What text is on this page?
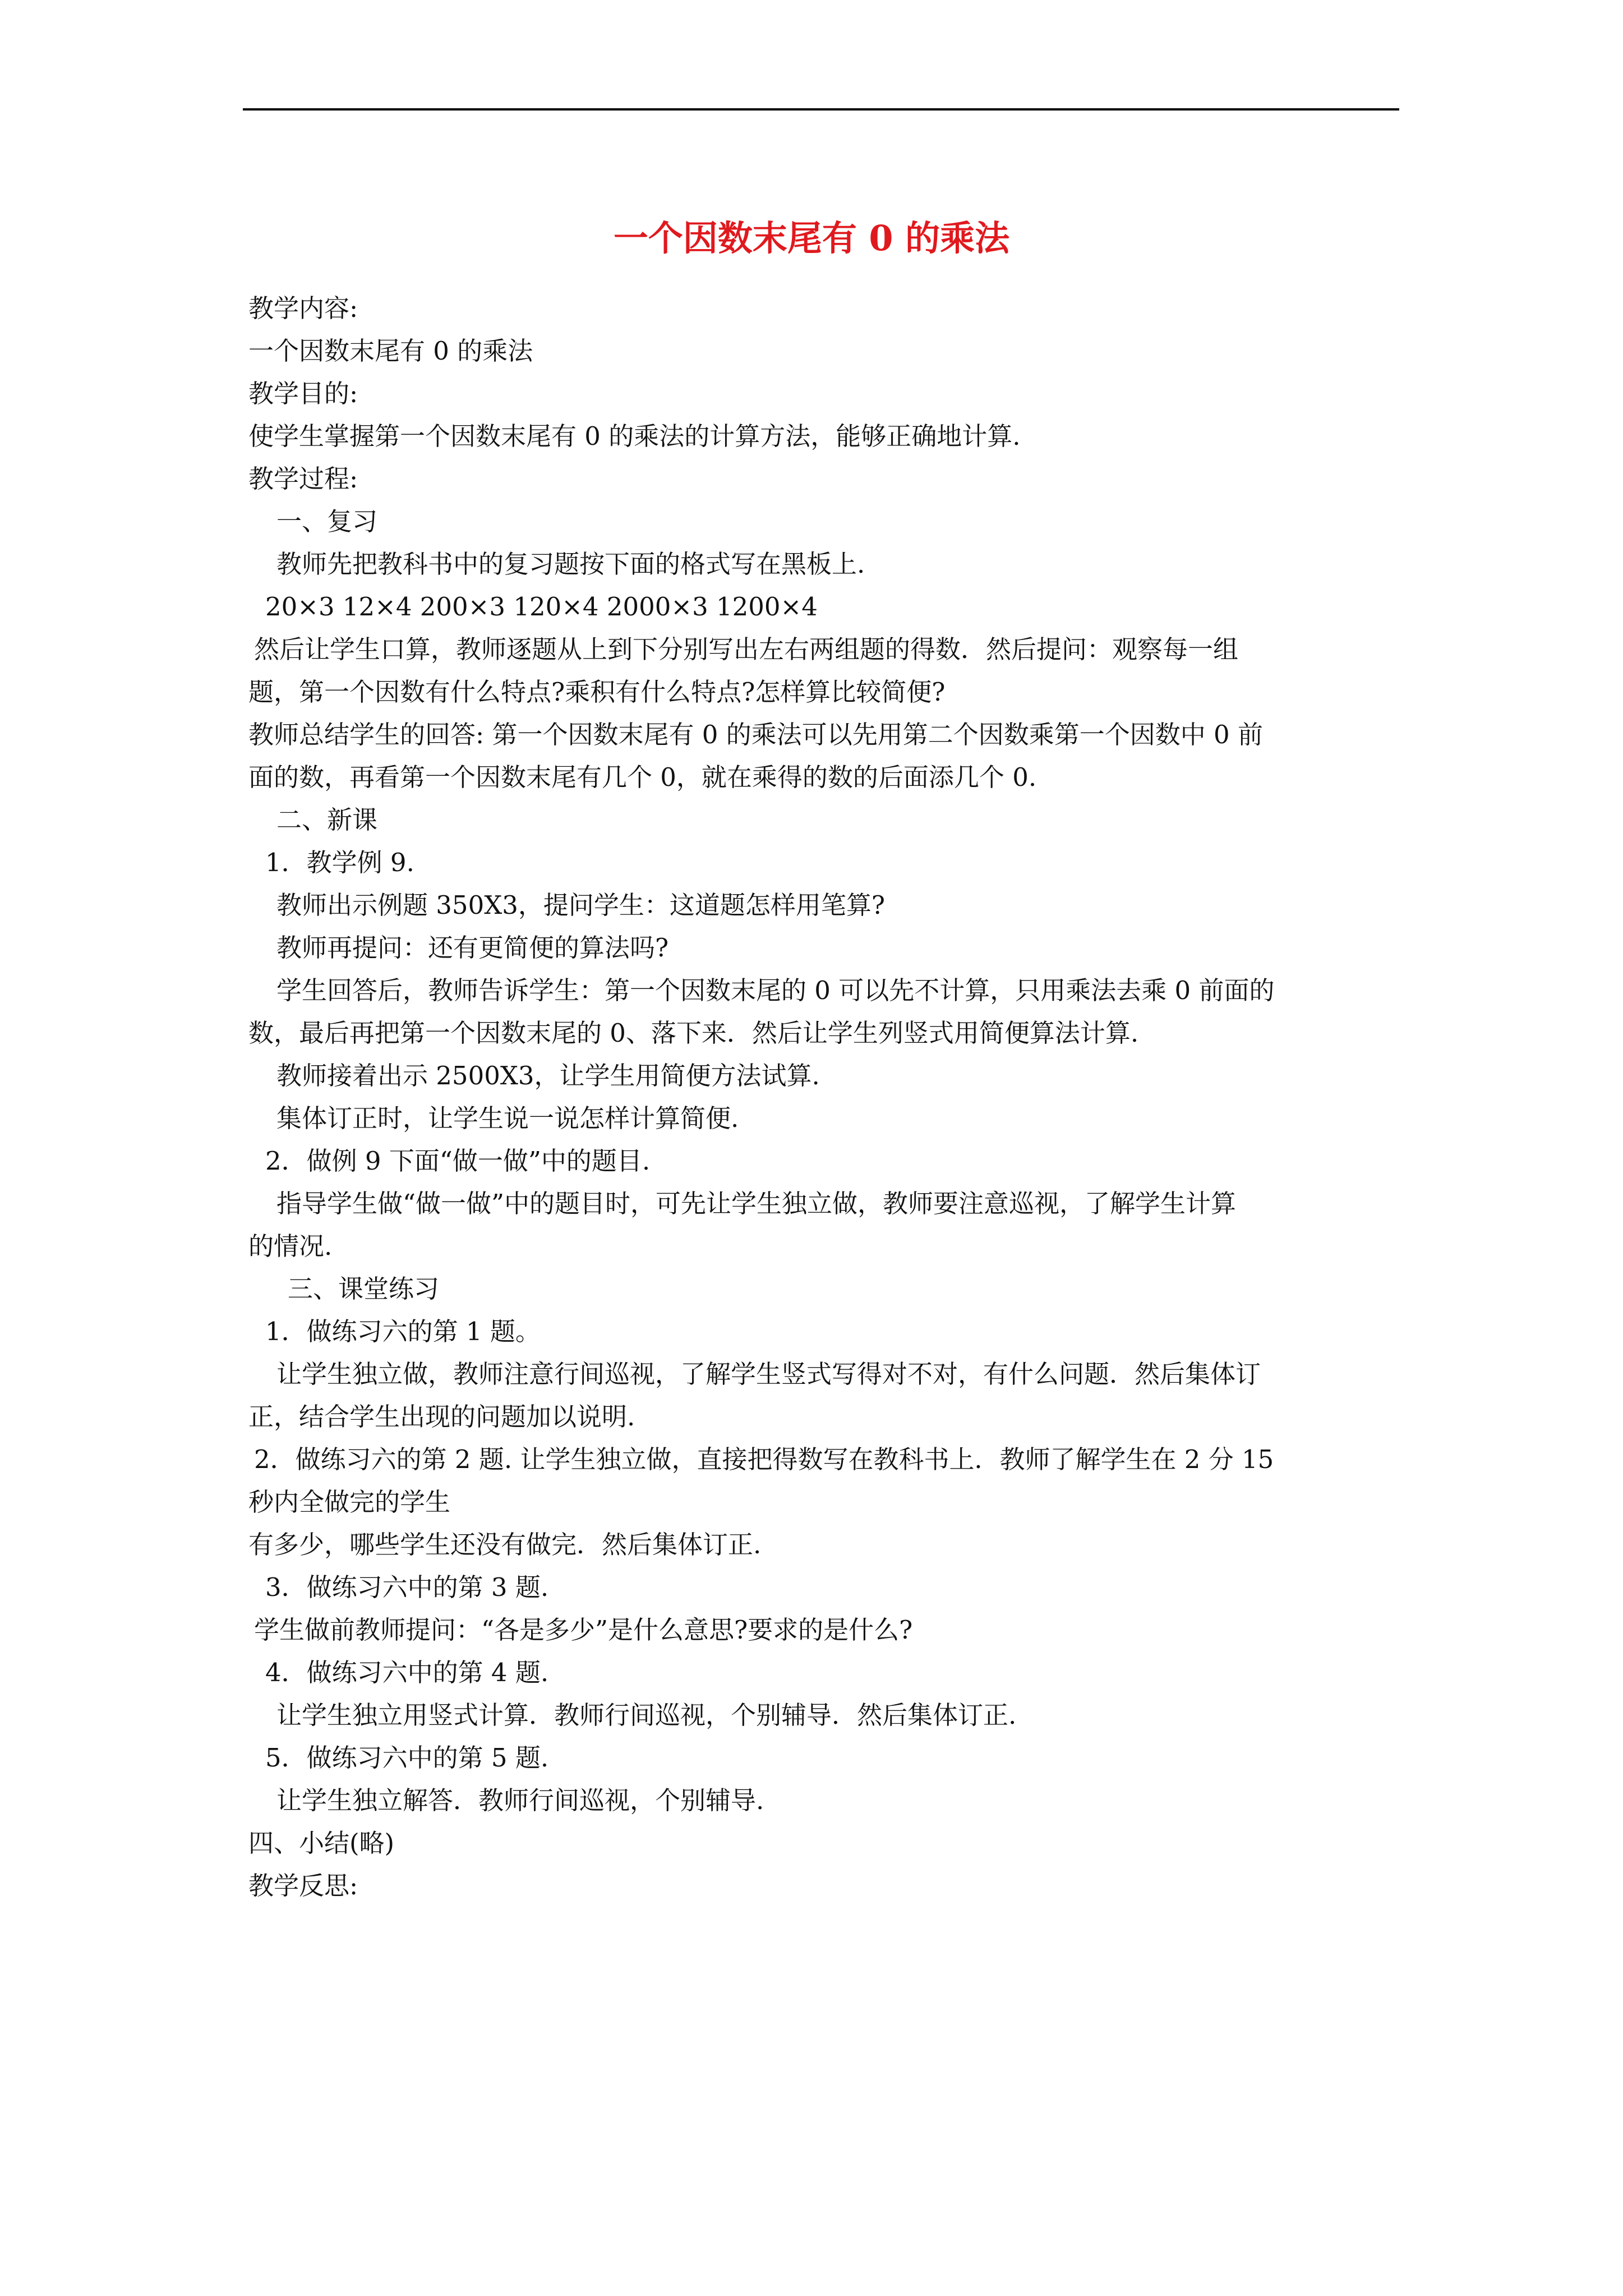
一个因数末尾有 0 的乘法
教学内容:
一个因数末尾有 0 的乘法
教学目的:
使学生掌握第一个因数末尾有 0 的乘法的计算方法，能够正确地计算.
教学过程:
一、复习
教师先把教科书中的复习题按下面的格式写在黑板上.
20×3 12×4 200×3 120×4 2000×3 1200×4
然后让学生口算，教师逐题从上到下分别写出左右两组题的得数．然后提问：观察每一组
题，第一个因数有什么特点?乘积有什么特点?怎样算比较简便?
教师总结学生的回答: 第一个因数末尾有 0 的乘法可以先用第二个因数乘第一个因数中 0 前
面的数，再看第一个因数末尾有几个 0，就在乘得的数的后面添几个 0.
二、新课
1．教学例 9.
教师出示例题 350X3，提问学生：这道题怎样用笔算?
教师再提问：还有更简便的算法吗?
学生回答后，教师告诉学生：第一个因数末尾的 0 可以先不计算，只用乘法去乘 0 前面的
数，最后再把第一个因数末尾的 0、落下来．然后让学生列竖式用简便算法计算.
教师接着出示 2500X3，让学生用简便方法试算.
集体订正时，让学生说一说怎样计算简便.
2．做例 9 下面“做一做”中的题目.
指导学生做“做一做”中的题目时，可先让学生独立做，教师要注意巡视，了解学生计算
的情况.
三、课堂练习
1．做练习六的第 1 题。
让学生独立做，教师注意行间巡视，了解学生竖式写得对不对，有什么问题．然后集体订
正，结合学生出现的问题加以说明.
2．做练习六的第 2 题. 让学生独立做，直接把得数写在教科书上．教师了解学生在 2 分 15
秒内全做完的学生
有多少，哪些学生还没有做完．然后集体订正.
3．做练习六中的第 3 题.
学生做前教师提问：“各是多少”是什么意思?要求的是什么?
4．做练习六中的第 4 题.
让学生独立用竖式计算．教师行间巡视，个别辅导．然后集体订正.
5．做练习六中的第 5 题.
让学生独立解答．教师行间巡视，个别辅导.
四、小结(略)
教学反思:
